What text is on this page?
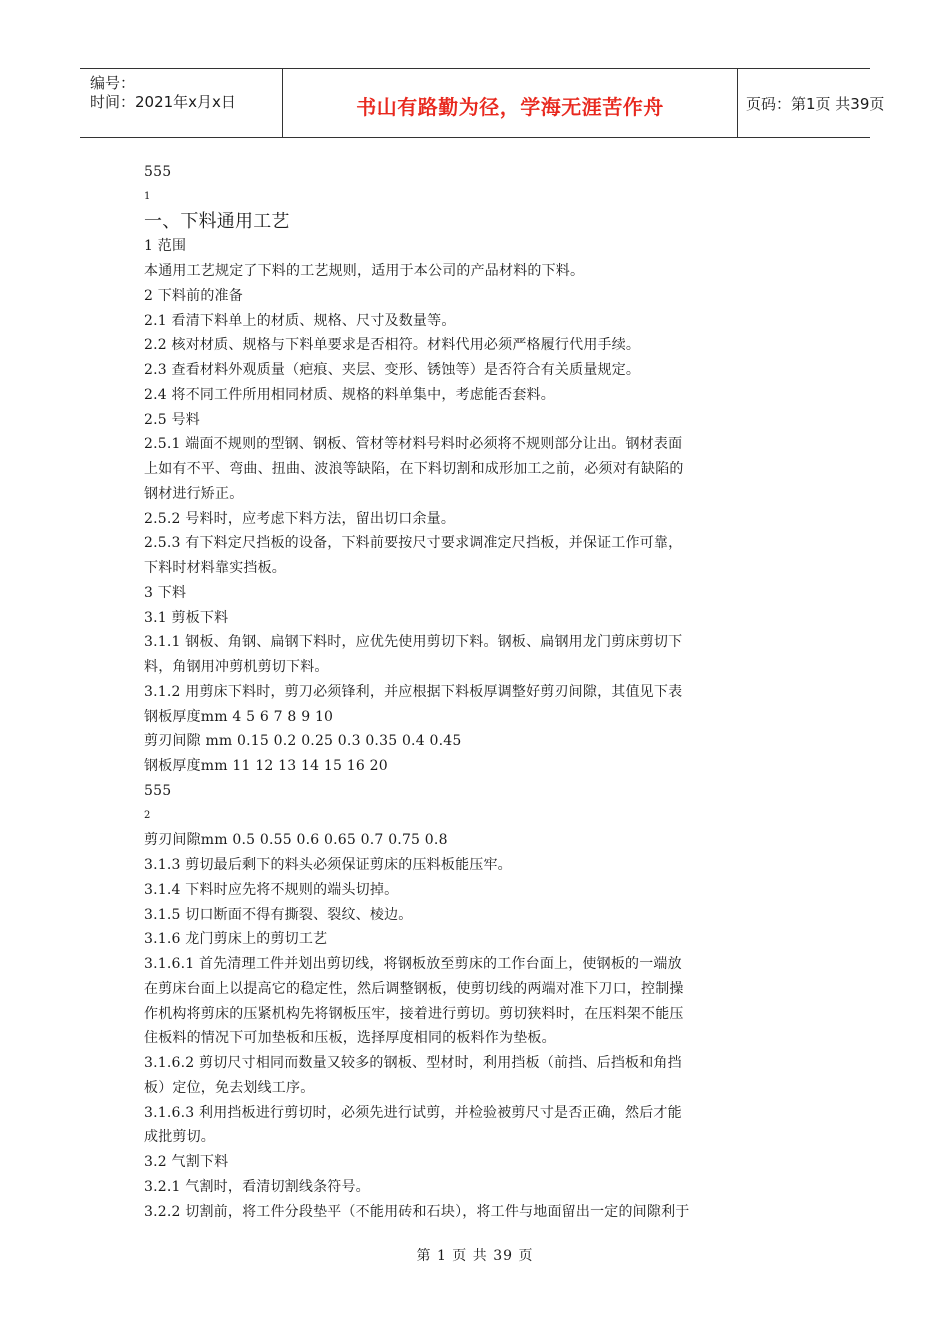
编号：
时间：2021年x月x日	书山有路勤为径，学海无涯苦作舟	页码：第1页 共39页
555
1
一、下料通用工艺
1 范围
本通用工艺规定了下料的工艺规则，适用于本公司的产品材料的下料。
2 下料前的准备
2.1 看清下料单上的材质、规格、尺寸及数量等。
2.2 核对材质、规格与下料单要求是否相符。材料代用必须严格履行代用手续。
2.3 查看材料外观质量（疤痕、夹层、变形、锈蚀等）是否符合有关质量规定。
2.4 将不同工件所用相同材质、规格的料单集中，考虑能否套料。
2.5 号料
2.5.1 端面不规则的型钢、钢板、管材等材料号料时必须将不规则部分让出。钢材表面
上如有不平、弯曲、扭曲、波浪等缺陷，在下料切割和成形加工之前，必须对有缺陷的
钢材进行矫正。
2.5.2 号料时，应考虑下料方法，留出切口余量。
2.5.3 有下料定尺挡板的设备，下料前要按尺寸要求调准定尺挡板，并保证工作可靠，
下料时材料靠实挡板。
3 下料
3.1 剪板下料
3.1.1 钢板、角钢、扁钢下料时，应优先使用剪切下料。钢板、扁钢用龙门剪床剪切下
料，角钢用冲剪机剪切下料。
3.1.2 用剪床下料时，剪刀必须锋利，并应根据下料板厚调整好剪刃间隙，其值见下表
钢板厚度mm 4 5 6 7 8 9 10
剪刃间隙 mm 0.15 0.2 0.25 0.3 0.35 0.4 0.45
钢板厚度mm 11 12 13 14 15 16 20
555
2
剪刃间隙mm 0.5 0.55 0.6 0.65 0.7 0.75 0.8
3.1.3 剪切最后剩下的料头必须保证剪床的压料板能压牢。
3.1.4 下料时应先将不规则的端头切掉。
3.1.5 切口断面不得有撕裂、裂纹、棱边。
3.1.6 龙门剪床上的剪切工艺
3.1.6.1 首先清理工件并划出剪切线，将钢板放至剪床的工作台面上，使钢板的一端放
在剪床台面上以提高它的稳定性，然后调整钢板，使剪切线的两端对准下刀口，控制操
作机构将剪床的压紧机构先将钢板压牢，接着进行剪切。剪切狭料时，在压料架不能压
住板料的情况下可加垫板和压板，选择厚度相同的板料作为垫板。
3.1.6.2 剪切尺寸相同而数量又较多的钢板、型材时，利用挡板（前挡、后挡板和角挡
板）定位，免去划线工序。
3.1.6.3 利用挡板进行剪切时，必须先进行试剪，并检验被剪尺寸是否正确，然后才能
成批剪切。
3.2 气割下料
3.2.1 气割时，看清切割线条符号。
3.2.2 切割前，将工件分段垫平（不能用砖和石块），将工件与地面留出一定的间隙利于
第 1 页 共 39 页
